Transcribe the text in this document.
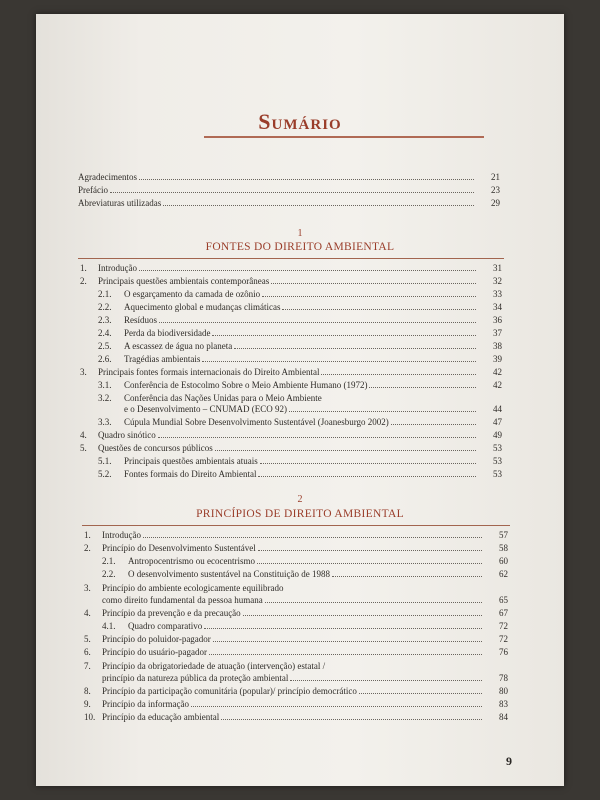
Sumário
Agradecimentos	21
Prefácio	23
Abreviaturas utilizadas	29
1
FONTES DO DIREITO AMBIENTAL
1.	Introdução	31
2.	Principais questões ambientais contemporâneas	32
2.1.	O esgarçamento da camada de ozônio	33
2.2.	Aquecimento global e mudanças climáticas	34
2.3.	Resíduos	36
2.4.	Perda da biodiversidade	37
2.5.	A escassez de água no planeta	38
2.6.	Tragédias ambientais	39
3.	Principais fontes formais internacionais do Direito Ambiental	42
3.1.	Conferência de Estocolmo Sobre o Meio Ambiente Humano (1972)	42
3.2. Conferência das Nações Unidas para o Meio Ambiente
e o Desenvolvimento – CNUMAD (ECO 92)	44
3.3.	Cúpula Mundial Sobre Desenvolvimento Sustentável (Joanesburgo 2002)	47
4.	Quadro sinótico	49
5.	Questões de concursos públicos	53
5.1.	Principais questões ambientais atuais	53
5.2.	Fontes formais do Direito Ambiental	53
2
PRINCÍPIOS DE DIREITO AMBIENTAL
1.	Introdução	57
2.	Princípio do Desenvolvimento Sustentável	58
2.1.	Antropocentrismo ou ecocentrismo	60
2.2.	O desenvolvimento sustentável na Constituição de 1988	62
3. Princípio do ambiente ecologicamente equilibrado
como direito fundamental da pessoa humana	65
4.	Princípio da prevenção e da precaução	67
4.1.	Quadro comparativo	72
5.	Princípio do poluidor-pagador	72
6.	Princípio do usuário-pagador	76
7. Princípio da obrigatoriedade de atuação (intervenção) estatal /
princípio da natureza pública da proteção ambiental	78
8.	Princípio da participação comunitária (popular)/ princípio democrático	80
9.	Princípio da informação	83
10. Princípio da educação ambiental	84
9
